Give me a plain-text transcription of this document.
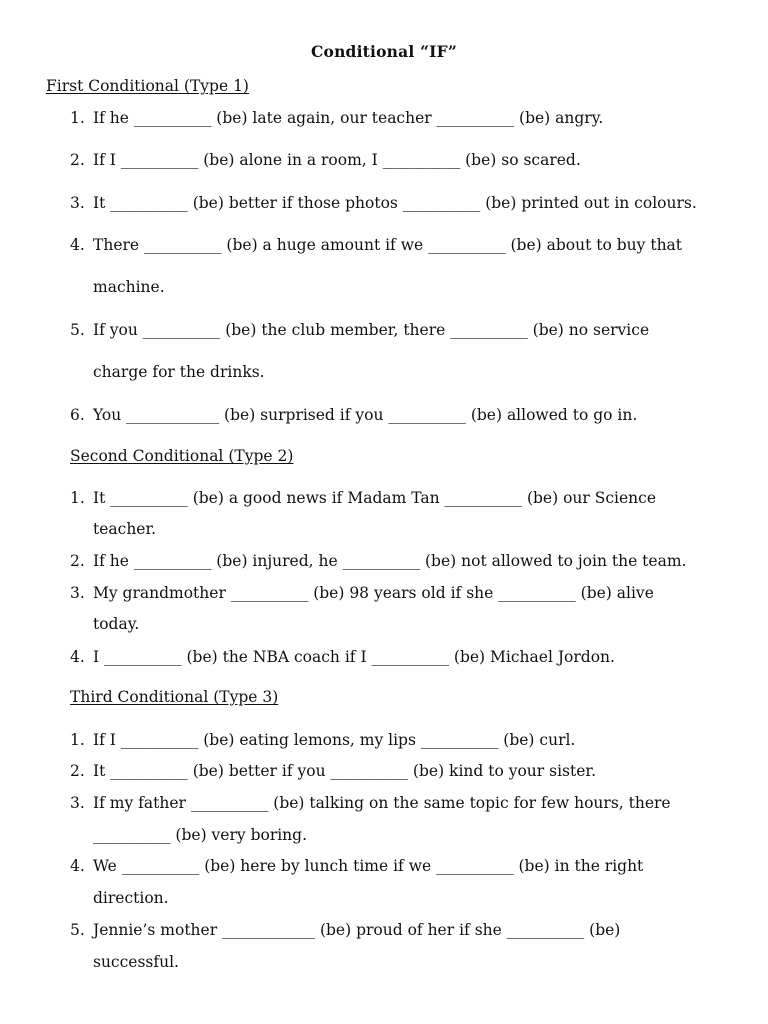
Conditional “IF”
First Conditional (Type 1)
1. If he __________ (be) late again, our teacher __________ (be) angry.
2. If I __________ (be) alone in a room, I __________ (be) so scared.
3. It __________ (be) better if those photos __________ (be) printed out in colours.
4. There __________ (be) a huge amount if we __________ (be) about to buy that
machine.
5. If you __________ (be) the club member, there __________ (be) no service
charge for the drinks.
6. You ____________ (be) surprised if you __________ (be) allowed to go in.
Second Conditional (Type 2)
1. It __________ (be) a good news if Madam Tan __________ (be) our Science
teacher.
2. If he __________ (be) injured, he __________ (be) not allowed to join the team.
3. My grandmother __________ (be) 98 years old if she __________ (be) alive
today.
4. I __________ (be) the NBA coach if I __________ (be) Michael Jordon.
Third Conditional (Type 3)
1. If I __________ (be) eating lemons, my lips __________ (be) curl.
2. It __________ (be) better if you __________ (be) kind to your sister.
3. If my father __________ (be) talking on the same topic for few hours, there
__________ (be) very boring.
4. We __________ (be) here by lunch time if we __________ (be) in the right
direction.
5. Jennie’s mother ____________ (be) proud of her if she __________ (be)
successful.
